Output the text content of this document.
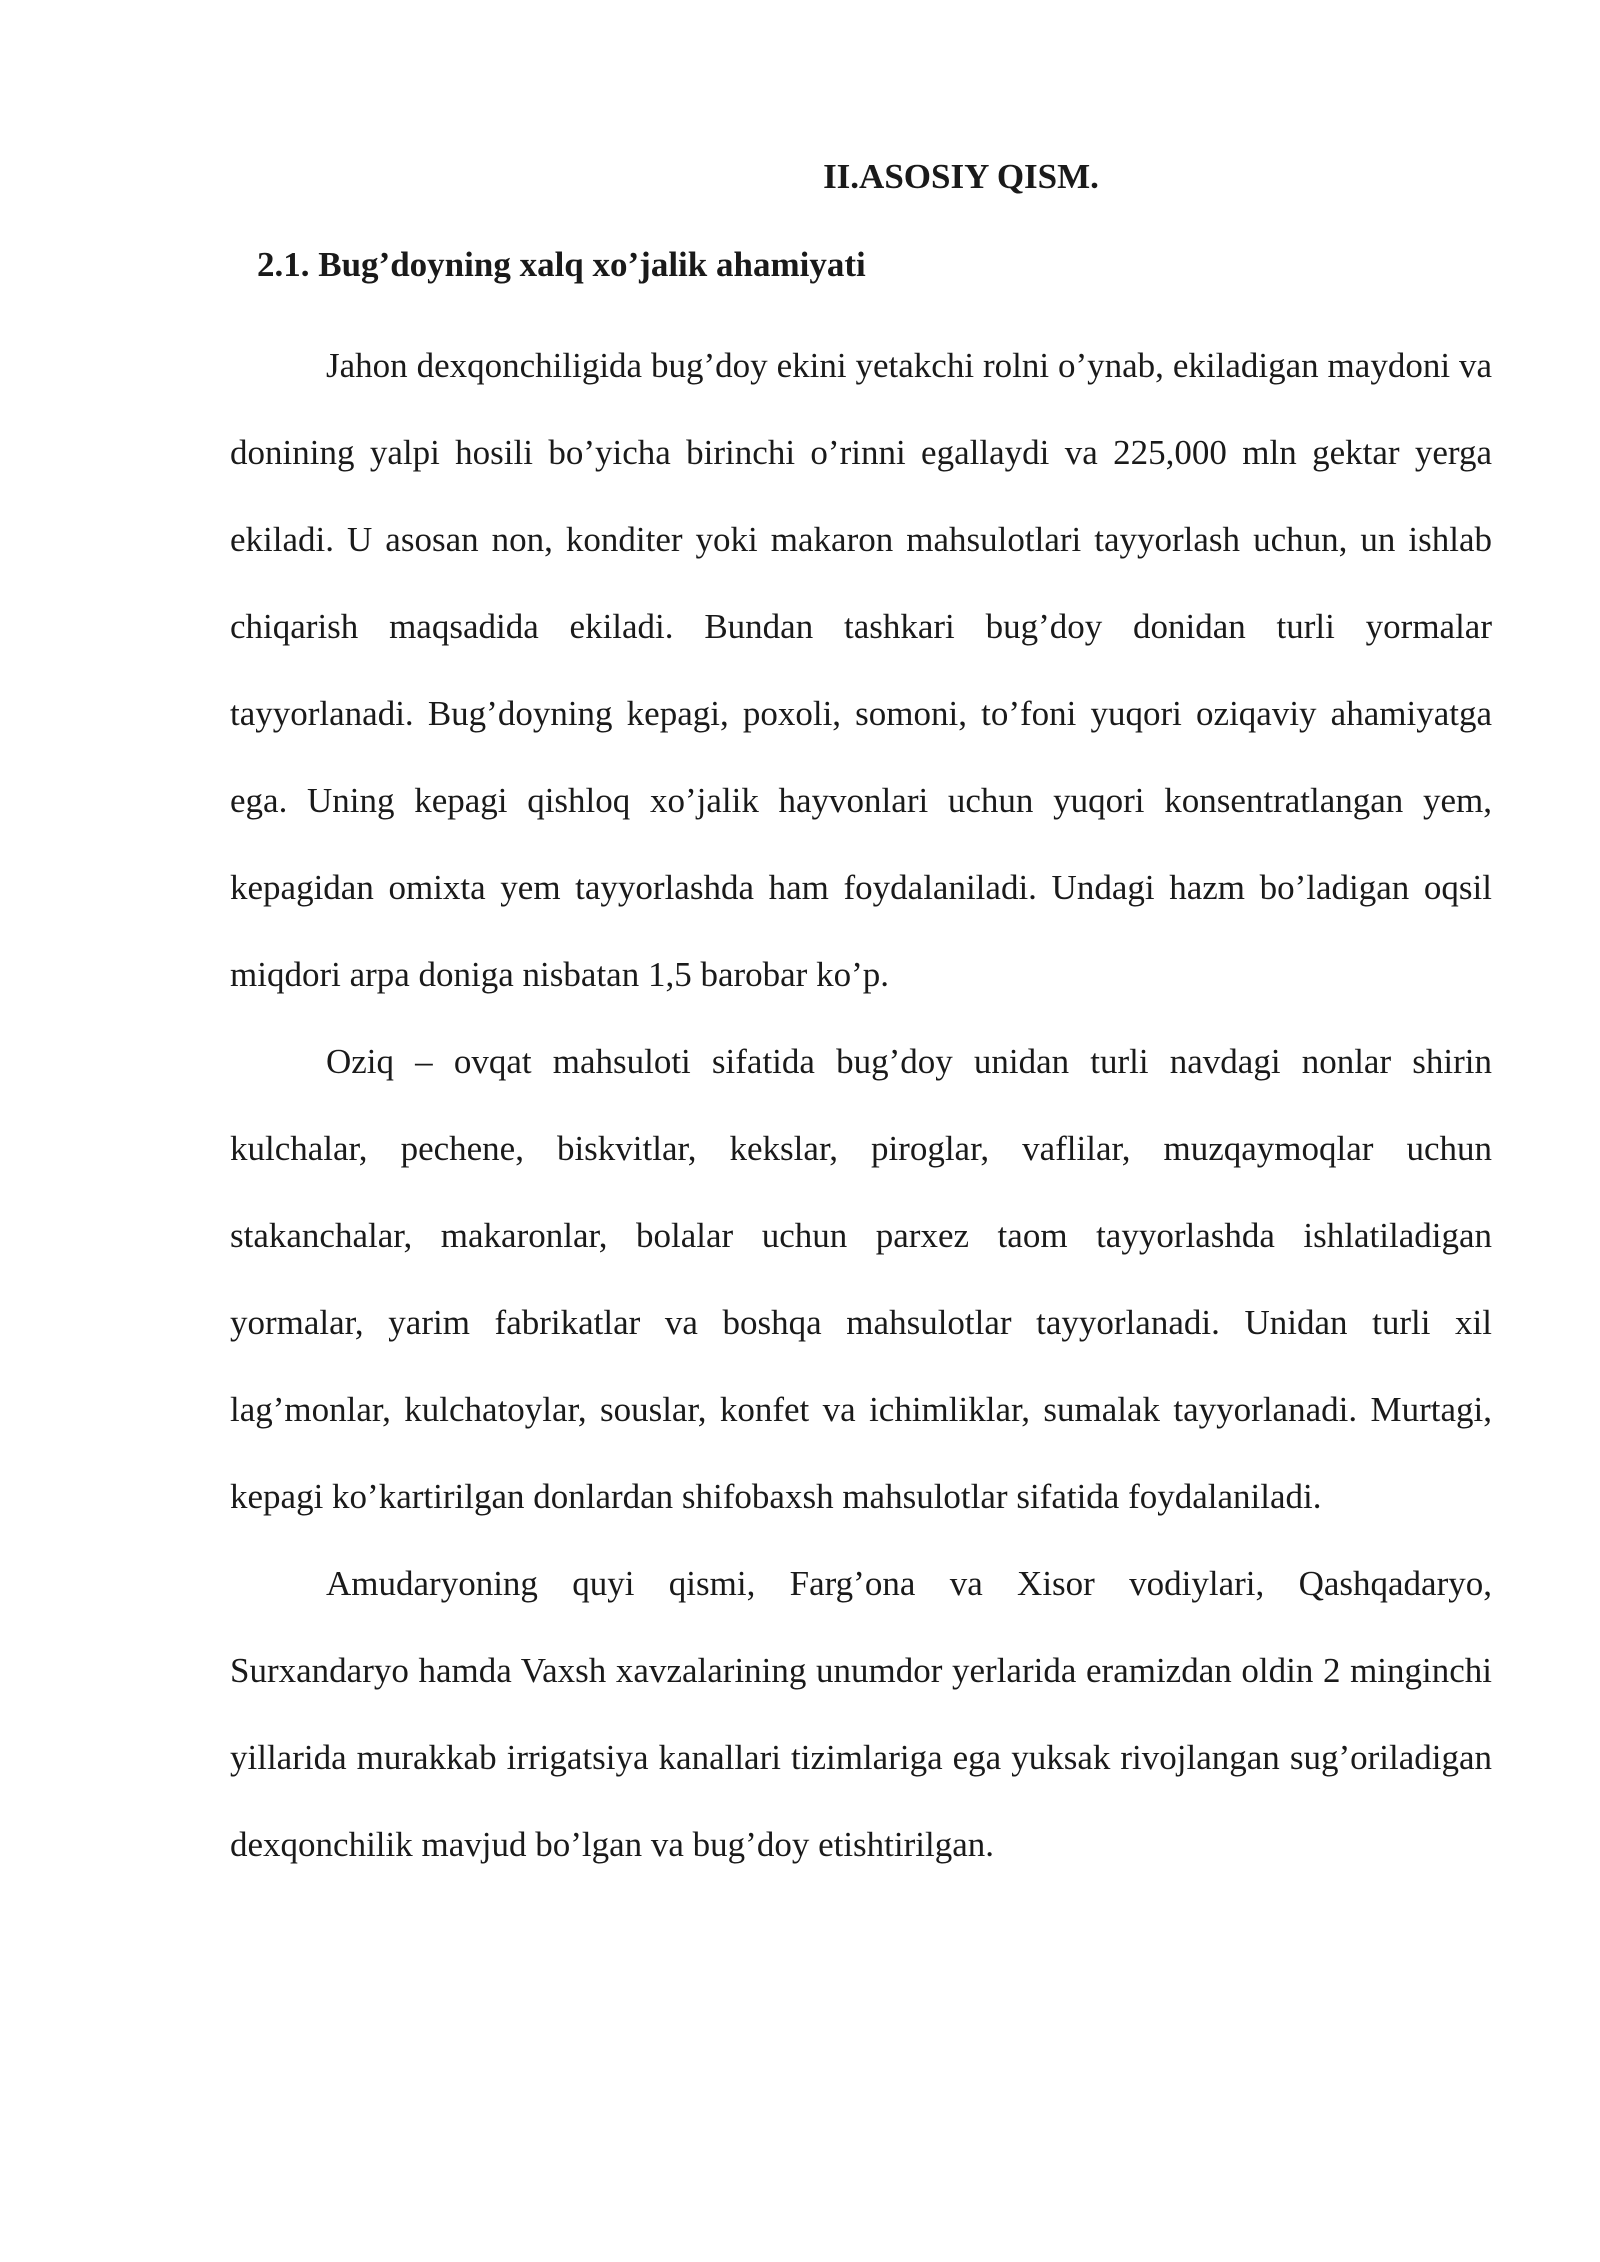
II.ASOSIY QISM.
2.1. Bug’doyning xalq xo’jalik ahamiyati

Jahon dexqonchiligida bug’doy ekini yetakchi rolni o’ynab, ekiladigan maydoni va donining yalpi hosili bo’yicha birinchi o’rinni egallaydi va 225,000 mln gektar yerga ekiladi. U asosan non, konditer yoki makaron mahsulotlari tayyorlash uchun, un ishlab chiqarish maqsadida ekiladi. Bundan tashkari bug’doy donidan turli yormalar tayyorlanadi. Bug’doyning kepagi, poxoli, somoni, to’foni yuqori oziqaviy ahamiyatga ega. Uning kepagi qishloq xo’jalik hayvonlari uchun yuqori konsentratlangan yem, kepagidan omixta yem tayyorlashda ham foydalaniladi. Undagi hazm bo’ladigan oqsil miqdori arpa doniga nisbatan 1,5 barobar ko’p.

Oziq – ovqat mahsuloti sifatida bug’doy unidan turli navdagi nonlar shirin kulchalar, pechene, biskvitlar, kekslar, piroglar, vaflilar, muzqaymoqlar uchun stakanchalar, makaronlar, bolalar uchun parxez taom tayyorlashda ishlatiladigan yormalar, yarim fabrikatlar va boshqa mahsulotlar tayyorlanadi. Unidan turli xil lag’monlar, kulchatoylar, souslar, konfet va ichimliklar, sumalak tayyorlanadi. Murtagi, kepagi ko’kartirilgan donlardan shifobaxsh mahsulotlar sifatida foydalaniladi.

Amudaryoning quyi qismi, Farg’ona va Xisor vodiylari, Qashqadaryo, Surxandaryo hamda Vaxsh xavzalarining unumdor yerlarida eramizdan oldin 2 minginchi yillarida murakkab irrigatsiya kanallari tizimlariga ega yuksak rivojlangan sug’oriladigan dexqonchilik mavjud bo’lgan va bug’doy etishtirilgan.
